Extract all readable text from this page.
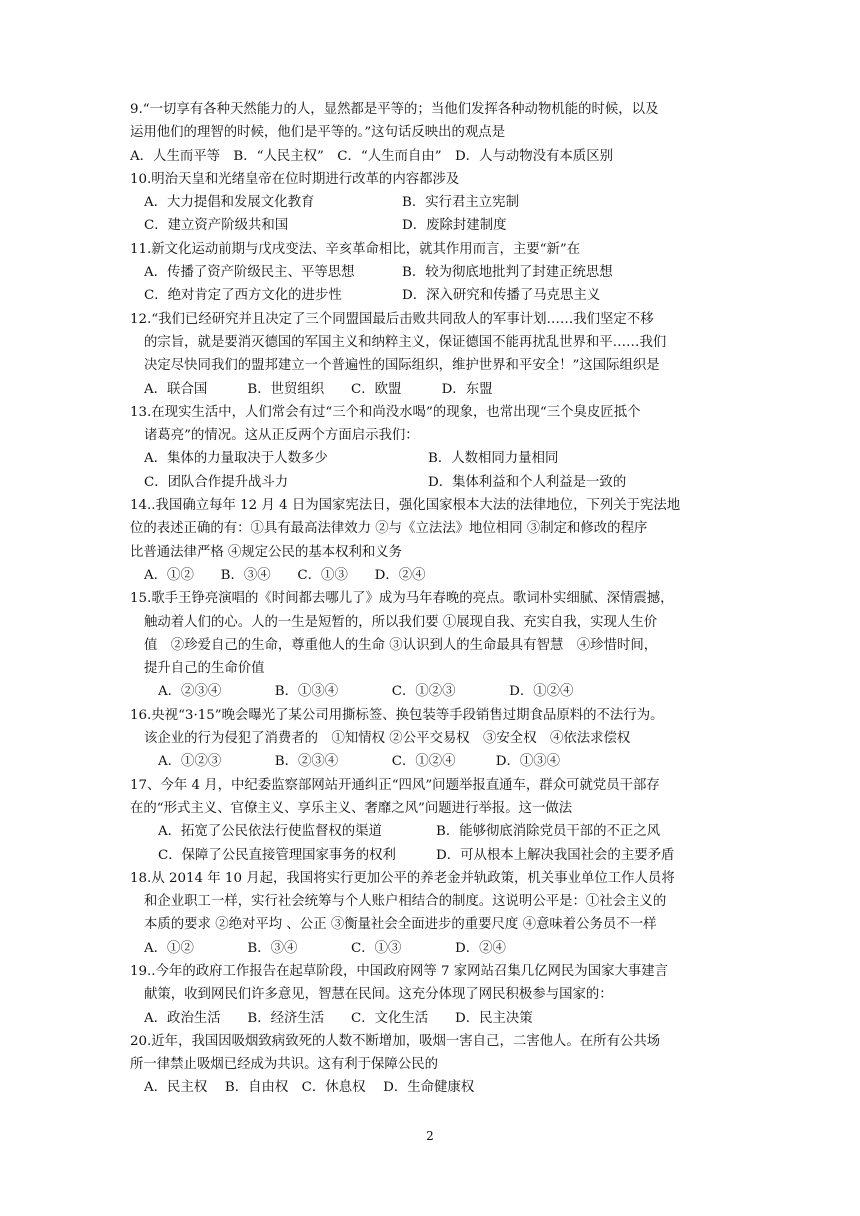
9.“一切享有各种天然能力的人，显然都是平等的；当他们发挥各种动物机能的时候，以及
运用他们的理智的时候，他们是平等的。”这句话反映出的观点是
A．人生而平等　B．“人民主权”　C．“人生而自由”　D．人与动物没有本质区别
10.明治天皇和光绪皇帝在位时期进行改革的内容都涉及
A．大力提倡和发展文化教育	B．实行君主立宪制
C．建立资产阶级共和国	D．废除封建制度
11.新文化运动前期与戊戌变法、辛亥革命相比，就其作用而言，主要“新”在
A．传播了资产阶级民主、平等思想	B．较为彻底地批判了封建正统思想
C．绝对肯定了西方文化的进步性	D．深入研究和传播了马克思主义
12.“我们已经研究并且决定了三个同盟国最后击败共同敌人的军事计划……我们坚定不移
的宗旨，就是要消灭德国的军国主义和纳粹主义，保证德国不能再扰乱世界和平……我们
决定尽快同我们的盟邦建立一个普遍性的国际组织，维护世界和平安全！”这国际组织是
A．联合国　　　B．世贸组织　　C．欧盟　　　D．东盟
13.在现实生活中，人们常会有过“三个和尚没水喝”的现象，也常出现“三个臭皮匠抵个
诸葛亮”的情况。这从正反两个方面启示我们：
A．集体的力量取决于人数多少	B．人数相同力量相同
C．团队合作提升战斗力	D．集体利益和个人利益是一致的
14..我国确立每年 12 月 4 日为国家宪法日，强化国家根本大法的法律地位，下列关于宪法地
位的表述正确的有：①具有最高法律效力 ②与《立法法》地位相同 ③制定和修改的程序
比普通法律严格 ④规定公民的基本权利和义务
A．①②　　B．③④　　C．①③　　D．②④
15.歌手王铮亮演唱的《时间都去哪儿了》成为马年春晚的亮点。歌词朴实细腻、深情震撼，
触动着人们的心。人的一生是短暂的，所以我们要 ①展现自我、充实自我，实现人生价
值　②珍爱自己的生命，尊重他人的生命 ③认识到人的生命最具有智慧　④珍惜时间，
提升自己的生命价值
A．②③④　　　　B．①③④　　　　C．①②③　　　　D．①②④
16.央视“3·15”晚会曝光了某公司用撕标签、换包装等手段销售过期食品原料的不法行为。
该企业的行为侵犯了消费者的　①知情权 ②公平交易权　③安全权　④依法求偿权
A．①②③　　　　B．②③④　　　　C．①②④　　　D．①③④
17、今年 4 月，中纪委监察部网站开通纠正“四风”问题举报直通车，群众可就党员干部存
在的“形式主义、官僚主义、享乐主义、奢靡之风”问题进行举报。这一做法
A．拓宽了公民依法行使监督权的渠道	B．能够彻底消除党员干部的不正之风
C．保障了公民直接管理国家事务的权利	D．可从根本上解决我国社会的主要矛盾
18.从 2014 年 10 月起，我国将实行更加公平的养老金并轨政策，机关事业单位工作人员将
和企业职工一样，实行社会统筹与个人账户相结合的制度。这说明公平是：①社会主义的
本质的要求 ②绝对平均 、公正 ③衡量社会全面进步的重要尺度 ④意味着公务员不一样
A．①②　　　　B．③④　　　　C．①③　　　　D．②④
19..今年的政府工作报告在起草阶段，中国政府网等 7 家网站召集几亿网民为国家大事建言
献策，收到网民们许多意见，智慧在民间。这充分体现了网民积极参与国家的：
A．政治生活　　B．经济生活　　C．文化生活　　D．民主决策
20.近年，我国因吸烟致病致死的人数不断增加，吸烟一害自己，二害他人。在所有公共场
所一律禁止吸烟已经成为共识。这有利于保障公民的
A．民主权　 B．自由权　C．休息权　 D．生命健康权
2
